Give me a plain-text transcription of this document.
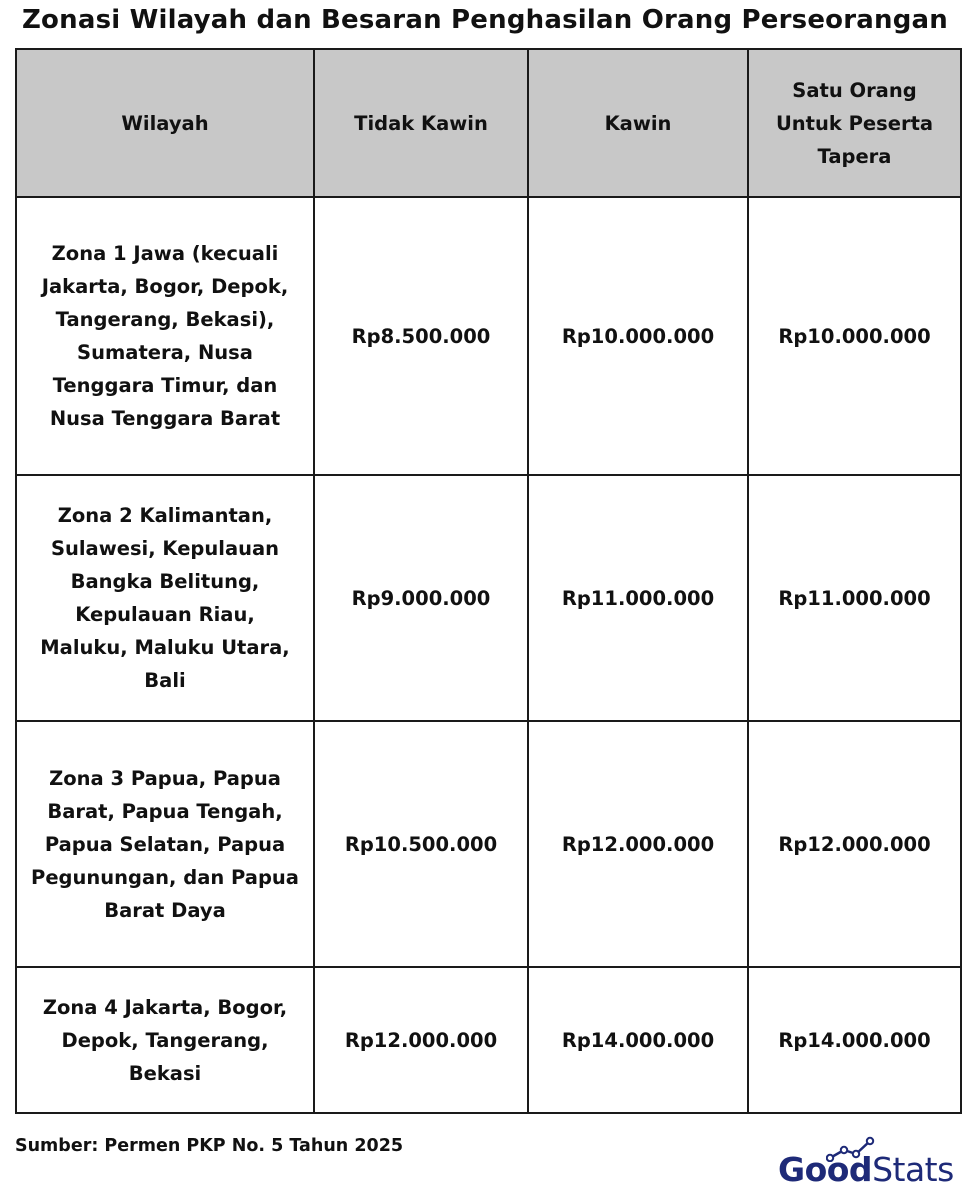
Zonasi Wilayah dan Besaran Penghasilan Orang Perseorangan
Wilayah	Tidak Kawin	Kawin	Satu Orang Untuk Peserta Tapera
Zona 1 Jawa (kecuali Jakarta, Bogor, Depok, Tangerang, Bekasi), Sumatera, Nusa Tenggara Timur, dan Nusa Tenggara Barat	Rp8.500.000	Rp10.000.000	Rp10.000.000
Zona 2 Kalimantan, Sulawesi, Kepulauan Bangka Belitung, Kepulauan Riau, Maluku, Maluku Utara, Bali	Rp9.000.000	Rp11.000.000	Rp11.000.000
Zona 3 Papua, Papua Barat, Papua Tengah, Papua Selatan, Papua Pegunungan, dan Papua Barat Daya	Rp10.500.000	Rp12.000.000	Rp12.000.000
Zona 4 Jakarta, Bogor, Depok, Tangerang, Bekasi	Rp12.000.000	Rp14.000.000	Rp14.000.000
Sumber: Permen PKP No. 5 Tahun 2025
GoodStats
